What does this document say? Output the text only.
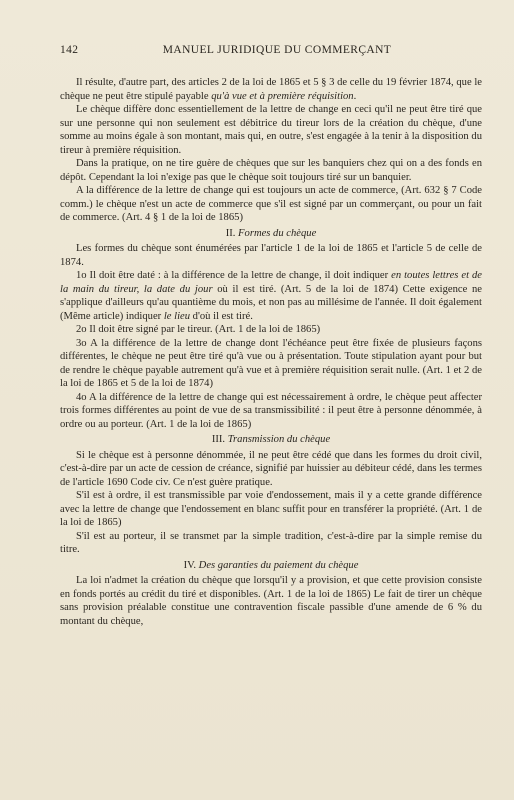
142	MANUEL JURIDIQUE DU COMMERÇANT

Il résulte, d'autre part, des articles 2 de la loi de 1865 et 5 § 3 de celle du 19 février 1874, que le chèque ne peut être stipulé payable qu'à vue et à première réquisition.

Le chèque diffère donc essentiellement de la lettre de change en ceci qu'il ne peut être tiré que sur une personne qui non seulement est débitrice du tireur lors de la création du chèque, d'une somme au moins égale à son montant, mais qui, en outre, s'est engagée à la tenir à la disposition du tireur à première réquisition.

Dans la pratique, on ne tire guère de chèques que sur les banquiers chez qui on a des fonds en dépôt. Cependant la loi n'exige pas que le chèque soit toujours tiré sur un banquier.

A la différence de la lettre de change qui est toujours un acte de commerce, (Art. 632 § 7 Code comm.) le chèque n'est un acte de commerce que s'il est signé par un commerçant, ou pour un fait de commerce. (Art. 4 § 1 de la loi de 1865)

II. Formes du chèque

Les formes du chèque sont énumérées par l'article 1 de la loi de 1865 et l'article 5 de celle de 1874.

1o Il doit être daté : à la différence de la lettre de change, il doit indiquer en toutes lettres et de la main du tireur, la date du jour où il est tiré. (Art. 5 de la loi de 1874) Cette exigence ne s'applique d'ailleurs qu'au quantième du mois, et non pas au millésime de l'année. Il doit également (Même article) indiquer le lieu d'où il est tiré.

2o Il doit être signé par le tireur. (Art. 1 de la loi de 1865)

3o A la différence de la lettre de change dont l'échéance peut être fixée de plusieurs façons différentes, le chèque ne peut être tiré qu'à vue ou à présentation. Toute stipulation ayant pour but de rendre le chèque payable autrement qu'à vue et à première réquisition serait nulle. (Art. 1 et 2 de la loi de 1865 et 5 de la loi de 1874)

4o A la différence de la lettre de change qui est nécessairement à ordre, le chèque peut affecter trois formes différentes au point de vue de sa transmissibilité : il peut être à personne dénommée, à ordre ou au porteur. (Art. 1 de la loi de 1865)

III. Transmission du chèque

Si le chèque est à personne dénommée, il ne peut être cédé que dans les formes du droit civil, c'est-à-dire par un acte de cession de créance, signifié par huissier au débiteur cédé, dans les termes de l'article 1690 Code civ. Ce n'est guère pratique.

S'il est à ordre, il est transmissible par voie d'endossement, mais il y a cette grande différence avec la lettre de change que l'endossement en blanc suffit pour en transférer la propriété. (Art. 1 de la loi de 1865)

S'il est au porteur, il se transmet par la simple tradition, c'est-à-dire par la simple remise du titre.

IV. Des garanties du paiement du chèque

La loi n'admet la création du chèque que lorsqu'il y a provision, et que cette provision consiste en fonds portés au crédit du tiré et disponibles. (Art. 1 de la loi de 1865) Le fait de tirer un chèque sans provision préalable constitue une contravention fiscale passible d'une amende de 6 % du montant du chèque,
